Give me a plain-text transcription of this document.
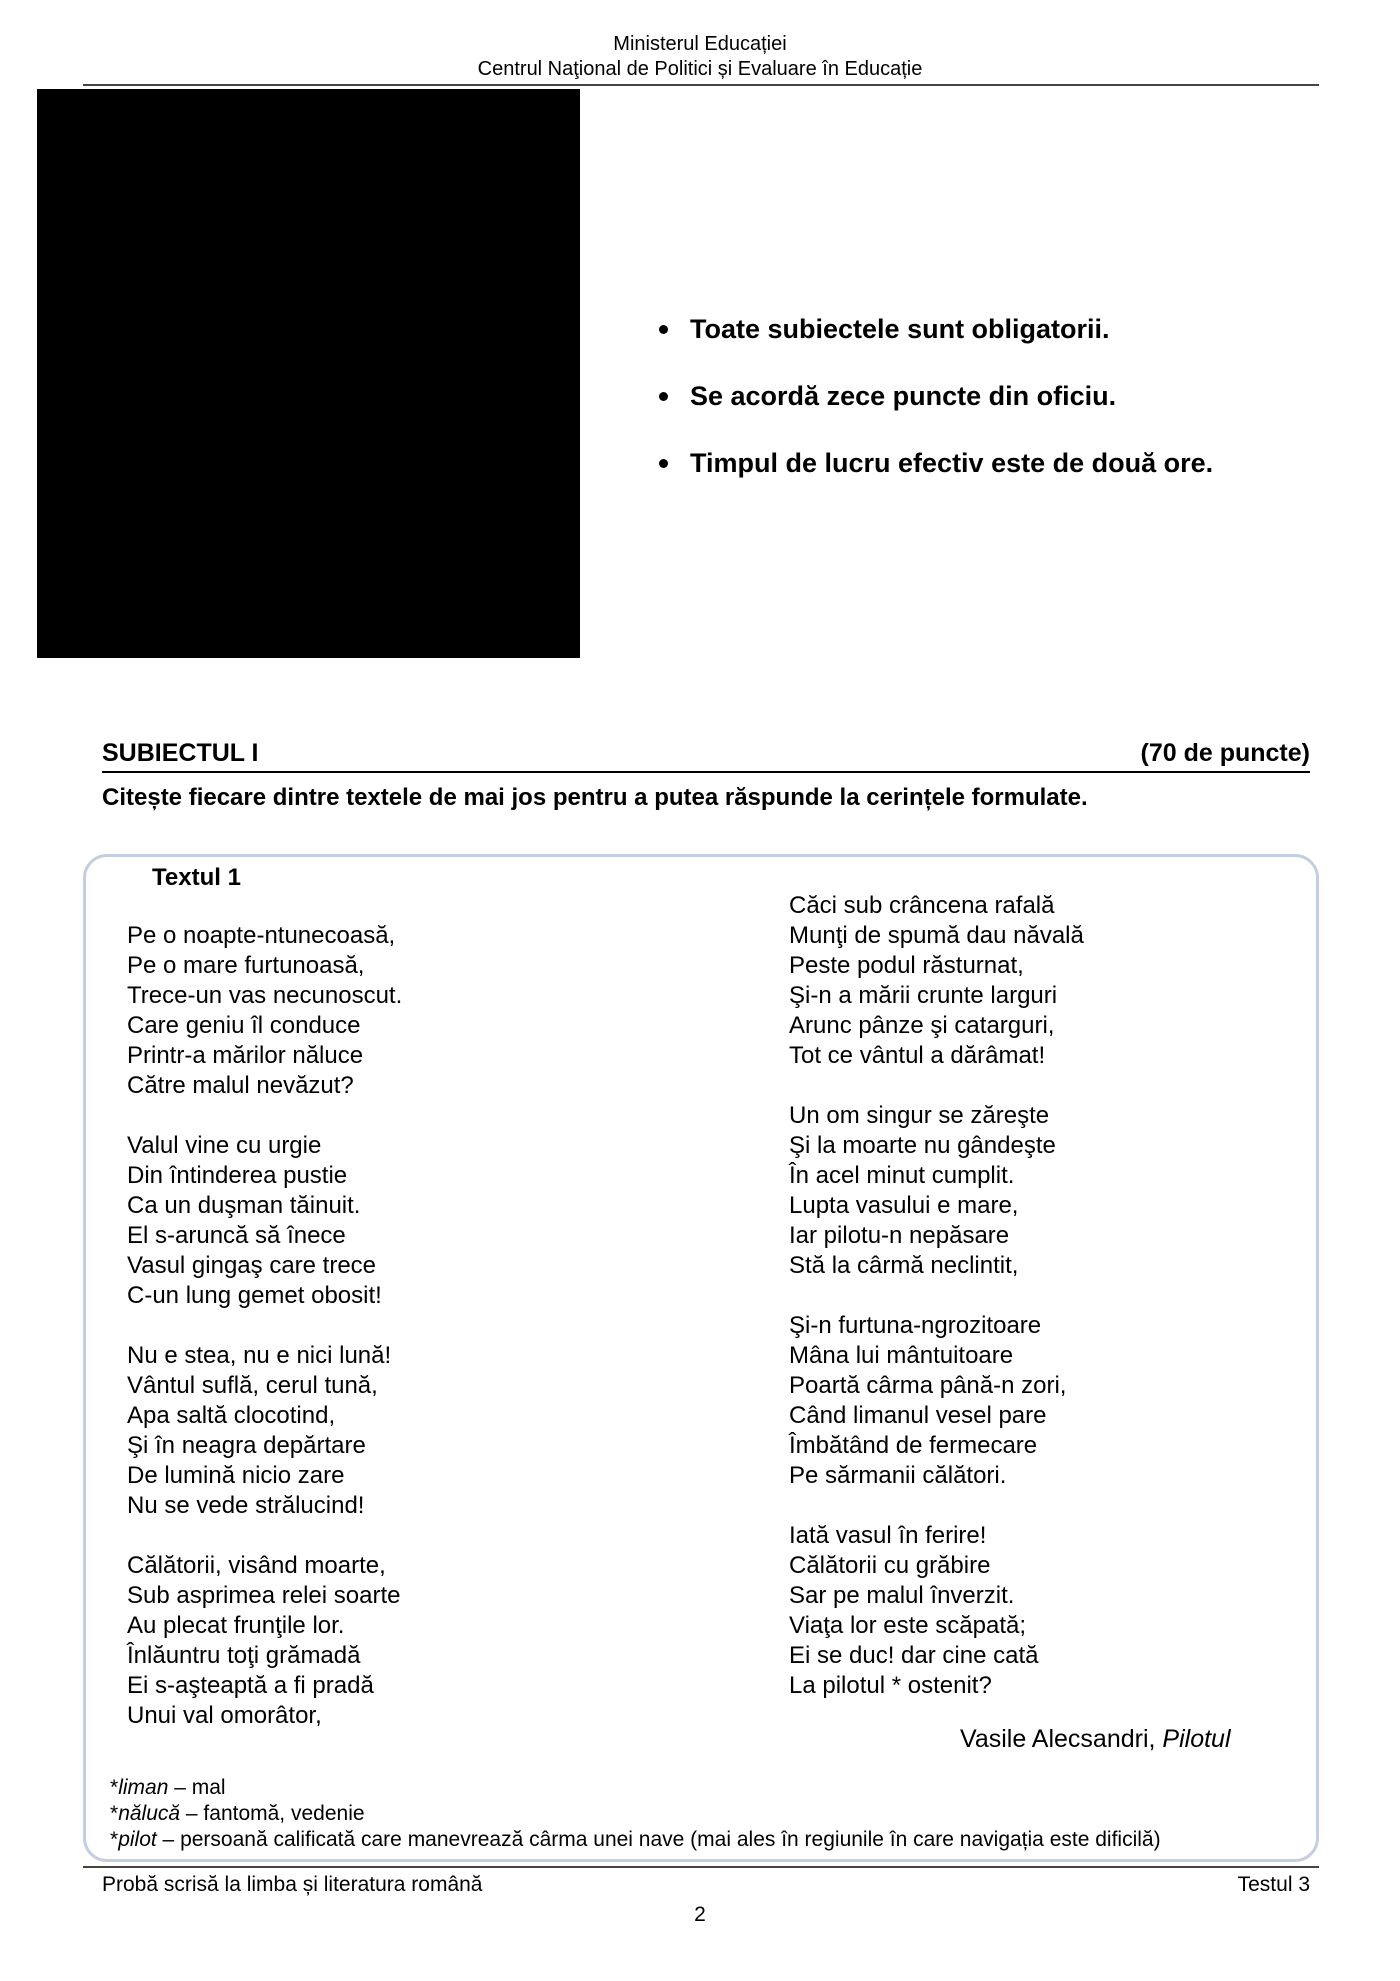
Ministerul Educației
Centrul Naţional de Politici și Evaluare în Educație
Toate subiectele sunt obligatorii.
Se acordă zece puncte din oficiu.
Timpul de lucru efectiv este de două ore.
SUBIECTUL I	(70 de puncte)
Citește fiecare dintre textele de mai jos pentru a putea răspunde la cerințele formulate.
Textul 1
Pe o noapte-ntunecoasă,
Pe o mare furtunoasă,
Trece-un vas necunoscut.
Care geniu îl conduce
Printr-a mărilor năluce
Către malul nevăzut?
Valul vine cu urgie
Din întinderea pustie
Ca un duşman tăinuit.
El s-aruncă să înece
Vasul gingaş care trece
C-un lung gemet obosit!
Nu e stea, nu e nici lună!
Vântul suflă, cerul tună,
Apa saltă clocotind,
Şi în neagra depărtare
De lumină nicio zare
Nu se vede strălucind!
Călătorii, visând moarte,
Sub asprimea relei soarte
Au plecat frunţile lor.
Înlăuntru toţi grămadă
Ei s-aşteaptă a fi pradă
Unui val omorâtor,
Căci sub crâncena rafală
Munţi de spumă dau năvală
Peste podul răsturnat,
Şi-n a mării crunte larguri
Arunc pânze şi catarguri,
Tot ce vântul a dărâmat!
Un om singur se zăreşte
Şi la moarte nu gândeşte
În acel minut cumplit.
Lupta vasului e mare,
Iar pilotu-n nepăsare
Stă la cârmă neclintit,
Şi-n furtuna-ngrozitoare
Mâna lui mântuitoare
Poartă cârma până-n zori,
Când limanul vesel pare
Îmbătând de fermecare
Pe sărmanii călători.
Iată vasul în ferire!
Călătorii cu grăbire
Sar pe malul înverzit.
Viaţa lor este scăpată;
Ei se duc! dar cine cată
La pilotul * ostenit?
Vasile Alecsandri, Pilotul
*liman – mal
*nălucă – fantomă, vedenie
*pilot – persoană calificată care manevrează cârma unei nave (mai ales în regiunile în care navigația este dificilă)
Probă scrisă la limba și literatura română	Testul 3
2
